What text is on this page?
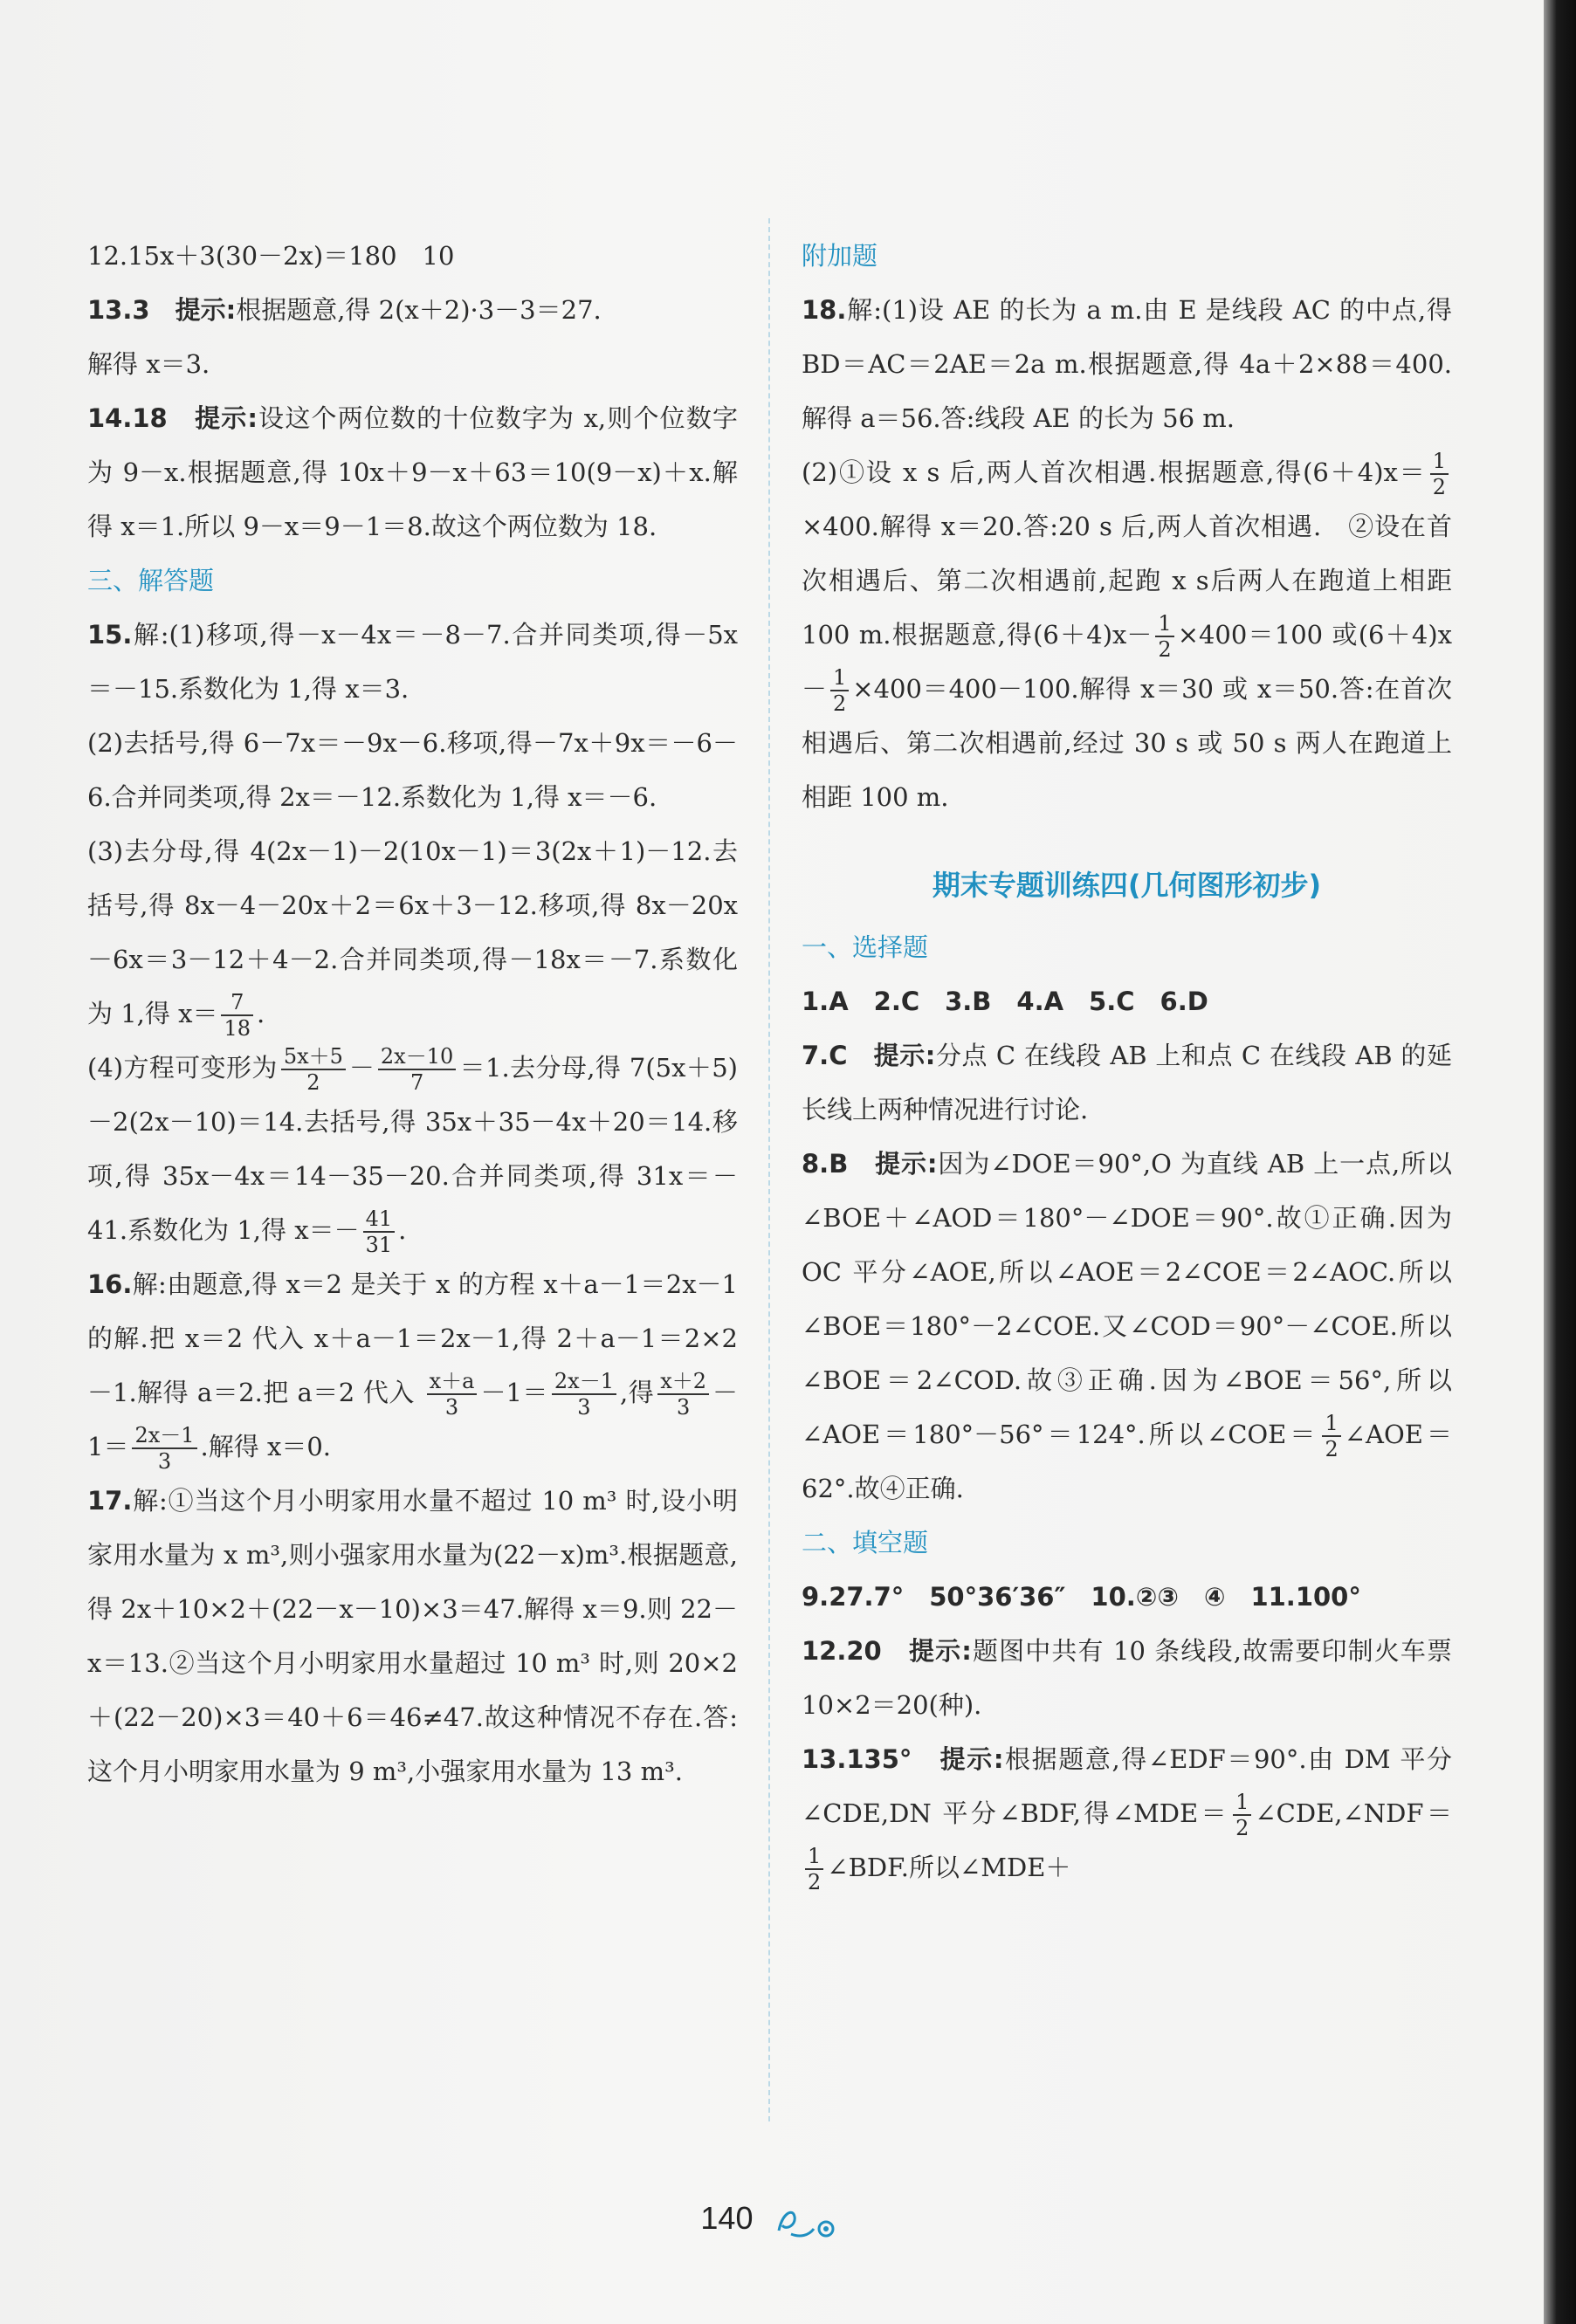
12.15x＋3(30－2x)＝180　10

13.3　 提示:根据题意,得 2(x＋2)·3－3＝27.

解得 x＝3.

14.18　 提示:设这个两位数的十位数字为 x,则个位数字为 9－x.根据题意,得 10x＋9－x＋63＝10(9－x)＋x.解得 x＝1.所以 9－x＝9－1＝8.故这个两位数为 18.

三、解答题

15.解:(1)移项,得－x－4x＝－8－7.合并同类项,得－5x＝－15.系数化为 1,得 x＝3.

(2)去括号,得 6－7x＝－9x－6.移项,得－7x＋9x＝－6－6.合并同类项,得 2x＝－12.系数化为 1,得 x＝－6.

(3)去分母,得 4(2x－1)－2(10x－1)＝3(2x＋1)－12.去括号,得 8x－4－20x＋2＝6x＋3－12.移项,得 8x－20x－6x＝3－12＋4－2.合并同类项,得－18x＝－7.系数化为 1,得 $x= \frac{7}{18}$ .

(4)方程可变形为 $\frac{5x+5}{2} - \frac{2x-10}{7} =1$.去分母,得 7(5x＋5)－2(2x－10)＝14.去括号,得 35x＋35－4x＋20＝14.移项,得 35x－4x＝14－35－20.合并同类项,得 31x＝－41.系数化为 1,得 $x=- \frac{41}{31}$ .

16.解:由题意,得 x＝2 是关于 x 的方程 x＋a－1＝2x－1 的解.把 x＝2 代入 x＋a－1＝2x－1,得 2＋a－1＝2×2－1.解得 a＝2.把 a＝2 代入 $\frac{x+a}{3} -1= \frac{2x-1}{3}$ ,得 $\frac{x+2}{3} -1= \frac{2x-1}{3}$ .解得 x＝0.

17.解:①当这个月小明家用水量不超过 10 m³ 时,设小明家用水量为 x m³,则小强家用水量为(22－x)m³.根据题意,得 2x＋10×2＋(22－x－10)×3＝47.解得 x＝9.则 22－x＝13.②当这个月小明家用水量超过 10 m³ 时,则 20×2＋(22－20)×3＝40＋6＝46≠47.故这种情况不存在.答:这个月小明家用水量为 9 m³,小强家用水量为 13 m³.

附加题

18.解:(1)设 AE 的长为 a m.由 E 是线段 AC 的中点,得 BD＝AC＝2AE＝2a m.根据题意,得 4a＋2×88＝400.解得 a＝56.答:线段 AE 的长为 56 m.

(2)①设 x s 后,两人首次相遇.根据题意,得$(6+4)x= \frac{1}{2}$
×400.解得 x＝20.答:20 s 后,两人首次相遇.　②设在首次相遇后、第二次相遇前,起跑 x s后两人在跑道上相距 100 m.根据题意,得$(6+4)x- \frac{1}{2} \times 400=100$ 或$(6+4)x- \frac{1}{2} \times 400=400-100$.解得 x＝30 或 x＝50.答:在首次相遇后、第二次相遇前,经过 30 s 或 50 s 两人在跑道上相距 100 m.

期末专题训练四(几何图形初步)

一、选择题

1.A　2.C　3.B　4.A　5.C　6.D

7.C　 提示:分点 C 在线段 AB 上和点 C 在线段 AB 的延长线上两种情况进行讨论.

8.B　 提示:因为∠DOE＝90°,O 为直线 AB 上一点,所以∠BOE＋∠AOD＝180°－∠DOE＝90°.故①正确.因为 OC 平分∠AOE,所以∠AOE＝2∠COE＝2∠AOC.所以∠BOE＝180°－2∠COE.又∠COD＝90°－∠COE.所以∠BOE＝2∠COD.故③正确.因为∠BOE＝56°,所以∠AOE＝180°－56°＝124°.所以∠COE＝ $\frac{1}{2}$ ∠AOE＝62°.故④正确.

二、填空题

9.27.7°　50°36′36″　10.②③　④　11.100°

12.20　 提示:题图中共有 10 条线段,故需要印制火车票 10×2＝20(种).

13.135°　 提示:根据题意,得∠EDF＝90°.由 DM 平分∠CDE,DN 平分∠BDF,得∠MDE＝ $\frac{1}{2}$ ∠CDE,∠NDF＝
$\frac{1}{2}$ ∠BDF.所以∠MDE＋

140
